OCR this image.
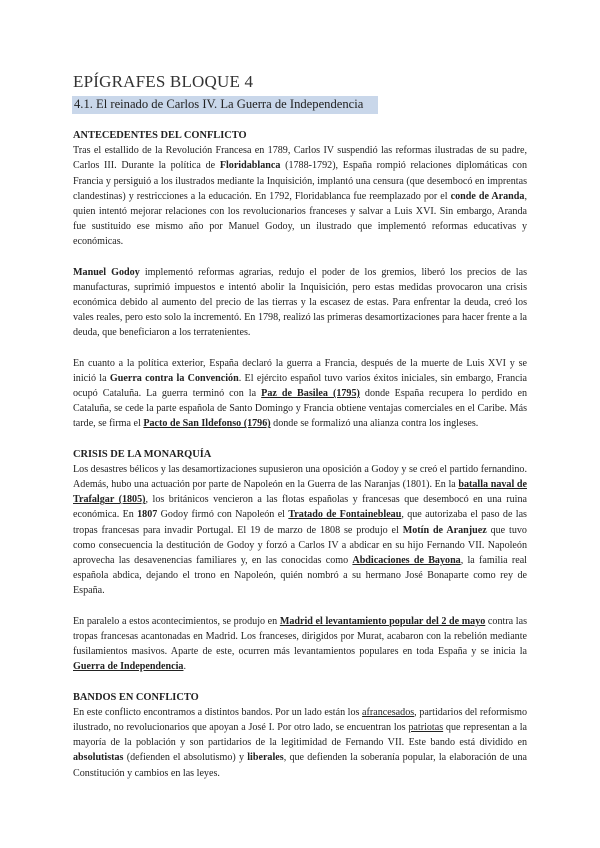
EPÍGRAFES BLOQUE 4
4.1. El reinado de Carlos IV. La Guerra de Independencia

ANTECEDENTES DEL CONFLICTO

Tras el estallido de la Revolución Francesa en 1789, Carlos IV suspendió las reformas ilustradas de su padre, Carlos III. Durante la política de Floridablanca (1788-1792), España rompió relaciones diplomáticas con Francia y persiguió a los ilustrados mediante la Inquisición, implantó una censura (que desembocó en imprentas clandestinas) y restricciones a la educación. En 1792, Floridablanca fue reemplazado por el conde de Aranda, quien intentó mejorar relaciones con los revolucionarios franceses y salvar a Luis XVI. Sin embargo, Aranda fue sustituido ese mismo año por Manuel Godoy, un ilustrado que implementó reformas educativas y económicas.

Manuel Godoy implementó reformas agrarias, redujo el poder de los gremios, liberó los precios de las manufacturas, suprimió impuestos e intentó abolir la Inquisición, pero estas medidas provocaron una crisis económica debido al aumento del precio de las tierras y la escasez de estas. Para enfrentar la deuda, creó los vales reales, pero esto solo la incrementó. En 1798, realizó las primeras desamortizaciones para hacer frente a la deuda, que beneficiaron a los terratenientes.

En cuanto a la política exterior, España declaró la guerra a Francia, después de la muerte de Luis XVI y se inició la Guerra contra la Convención. El ejército español tuvo varios éxitos iniciales, sin embargo, Francia ocupó Cataluña. La guerra terminó con la Paz de Basilea (1795) donde España recupera lo perdido en Cataluña, se cede la parte española de Santo Domingo y Francia obtiene ventajas comerciales en el Caribe. Más tarde, se firma el Pacto de San Ildefonso (1796) donde se formalizó una alianza contra los ingleses.

CRISIS DE LA MONARQUÍA

Los desastres bélicos y las desamortizaciones supusieron una oposición a Godoy y se creó el partido fernandino. Además, hubo una actuación por parte de Napoleón en la Guerra de las Naranjas (1801). En la batalla naval de Trafalgar (1805), los británicos vencieron a las flotas españolas y francesas que desembocó en una ruina económica. En 1807 Godoy firmó con Napoleón el Tratado de Fontainebleau, que autorizaba el paso de las tropas francesas para invadir Portugal. El 19 de marzo de 1808 se produjo el Motín de Aranjuez que tuvo como consecuencia la destitución de Godoy y forzó a Carlos IV a abdicar en su hijo Fernando VII. Napoleón aprovecha las desavenencias familiares y, en las conocidas como Abdicaciones de Bayona, la familia real española abdica, dejando el trono en Napoleón, quién nombró a su hermano José Bonaparte como rey de España.

En paralelo a estos acontecimientos, se produjo en Madrid el levantamiento popular del 2 de mayo contra las tropas francesas acantonadas en Madrid. Los franceses, dirigidos por Murat, acabaron con la rebelión mediante fusilamientos masivos. Aparte de este, ocurren más levantamientos populares en toda España y se inicia la Guerra de Independencia.

BANDOS EN CONFLICTO

En este conflicto encontramos a distintos bandos. Por un lado están los afrancesados, partidarios del reformismo ilustrado, no revolucionarios que apoyan a José I. Por otro lado, se encuentran los patriotas que representan a la mayoría de la población y son partidarios de la legitimidad de Fernando VII. Este bando está dividido en absolutistas (defienden el absolutismo) y liberales, que defienden la soberanía popular, la elaboración de una Constitución y cambios en las leyes.
